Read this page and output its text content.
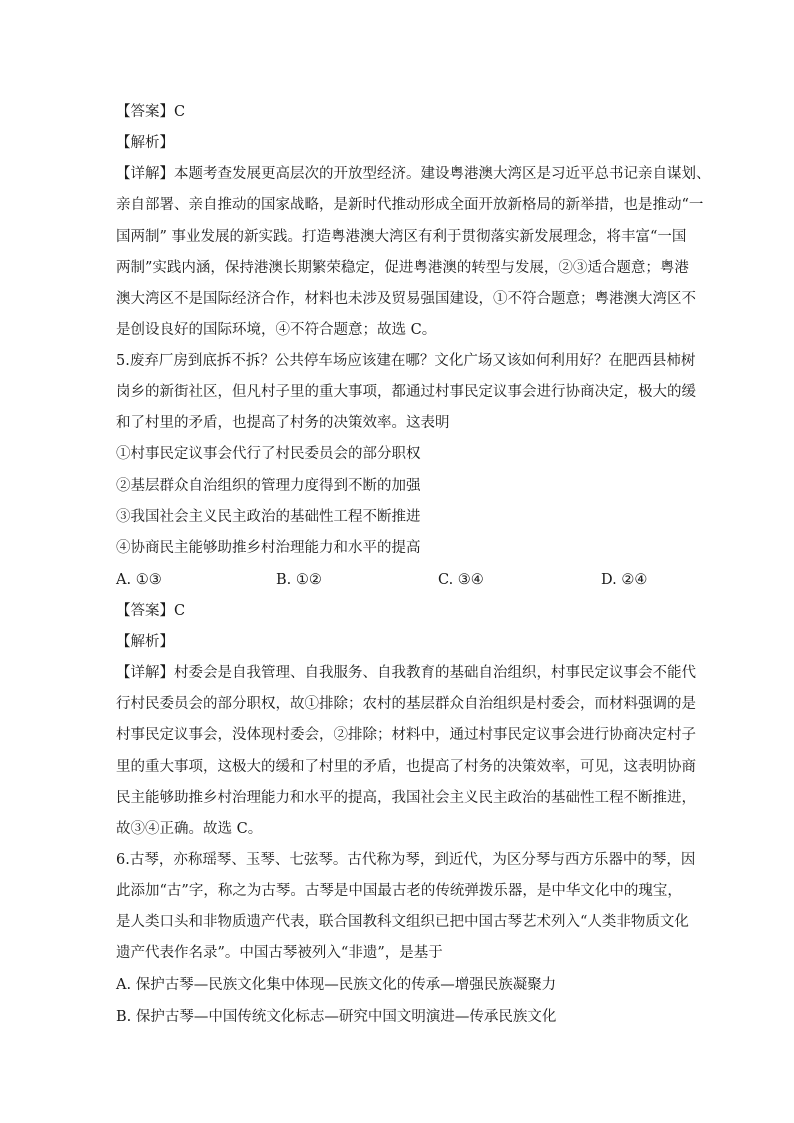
【答案】C
【解析】
【详解】本题考查发展更高层次的开放型经济。建设粤港澳大湾区是习近平总书记亲自谋划、
亲自部署、亲自推动的国家战略，是新时代推动形成全面开放新格局的新举措，也是推动“一
国两制” 事业发展的新实践。打造粤港澳大湾区有利于贯彻落实新发展理念，将丰富“一国
两制”实践内涵，保持港澳长期繁荣稳定，促进粤港澳的转型与发展，②③适合题意；粤港
澳大湾区不是国际经济合作，材料也未涉及贸易强国建设，①不符合题意；粤港澳大湾区不
是创设良好的国际环境，④不符合题意；故选 C。
5.废弃厂房到底拆不拆？公共停车场应该建在哪？文化广场又该如何利用好？在肥西县柿树
岗乡的新街社区，但凡村子里的重大事项，都通过村事民定议事会进行协商决定，极大的缓
和了村里的矛盾，也提高了村务的决策效率。这表明
①村事民定议事会代行了村民委员会的部分职权
②基层群众自治组织的管理力度得到不断的加强
③我国社会主义民主政治的基础性工程不断推进
④协商民主能够助推乡村治理能力和水平的提高
A. ①③	B. ①②	C. ③④	D. ②④
【答案】C
【解析】
【详解】村委会是自我管理、自我服务、自我教育的基础自治组织，村事民定议事会不能代
行村民委员会的部分职权，故①排除；农村的基层群众自治组织是村委会，而材料强调的是
村事民定议事会，没体现村委会，②排除；材料中，通过村事民定议事会进行协商决定村子
里的重大事项，这极大的缓和了村里的矛盾，也提高了村务的决策效率，可见，这表明协商
民主能够助推乡村治理能力和水平的提高，我国社会主义民主政治的基础性工程不断推进，
故③④正确。故选 C。
6.古琴，亦称瑶琴、玉琴、七弦琴。古代称为琴，到近代，为区分琴与西方乐器中的琴，因
此添加“古”字，称之为古琴。古琴是中国最古老的传统弹拨乐器，是中华文化中的瑰宝，
是人类口头和非物质遗产代表，联合国教科文组织已把中国古琴艺术列入“人类非物质文化
遗产代表作名录”。中国古琴被列入“非遗”，是基于
A. 保护古琴—民族文化集中体现—民族文化的传承—增强民族凝聚力
B. 保护古琴—中国传统文化标志—研究中国文明演进—传承民族文化
